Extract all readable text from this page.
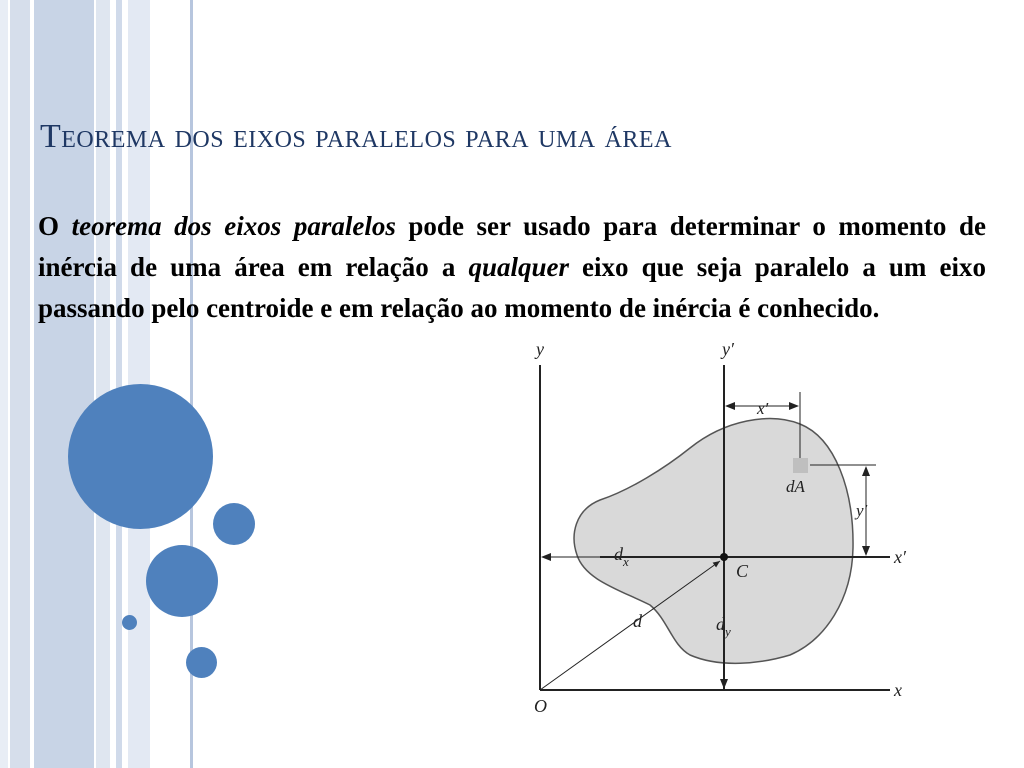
Teorema dos eixos paralelos para uma área
O teorema dos eixos paralelos pode ser usado para determinar o momento de inércia de uma área em relação a qualquer eixo que seja paralelo a um eixo passando pelo centroide e em relação ao momento de inércia é conhecido.
y	y′
x
x′
O
C
d
dA
x′
y′
$d_x$
$d_y$
